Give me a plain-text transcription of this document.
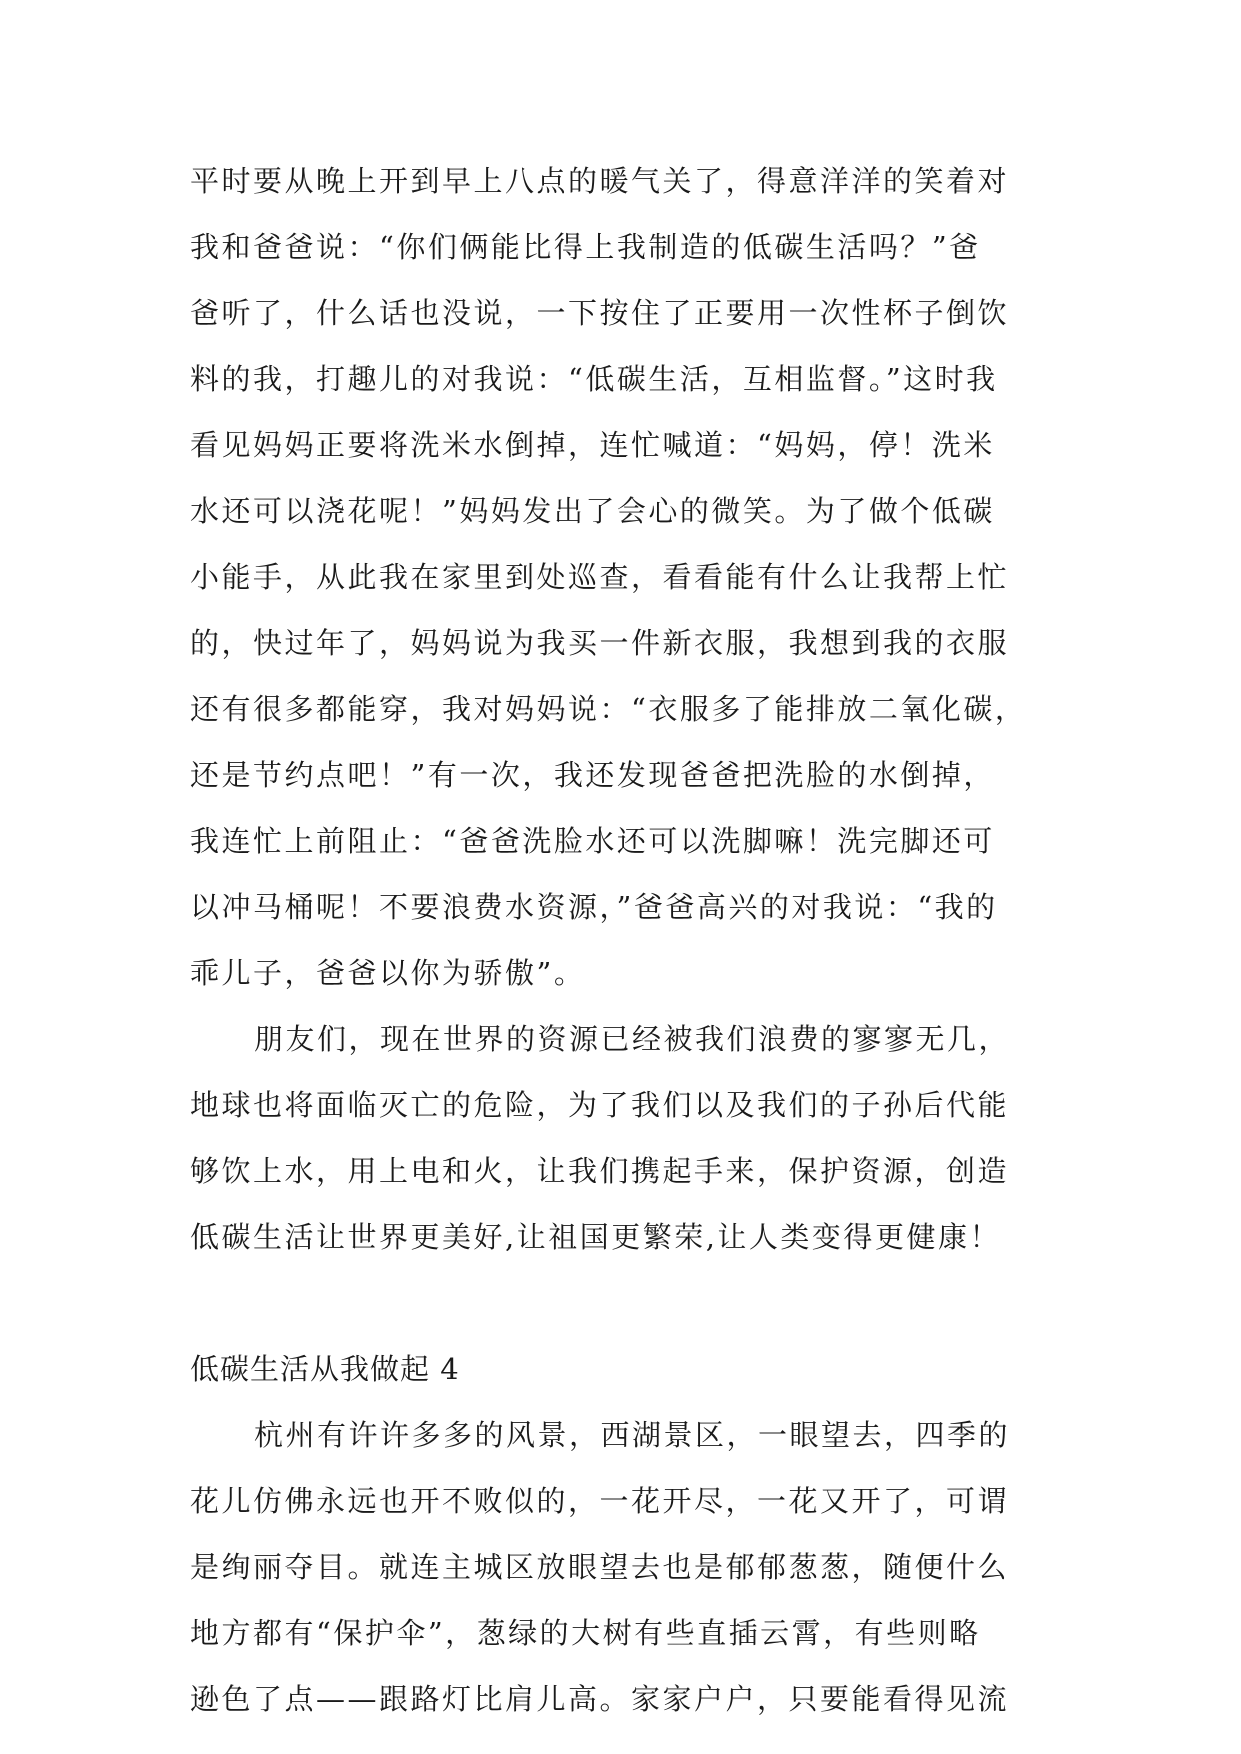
平时要从晚上开到早上八点的暖气关了，得意洋洋的笑着对
我和爸爸说：“你们俩能比得上我制造的低碳生活吗？”爸
爸听了，什么话也没说，一下按住了正要用一次性杯子倒饮
料的我，打趣儿的对我说：“低碳生活，互相监督。”这时我
看见妈妈正要将洗米水倒掉，连忙喊道：“妈妈，停！洗米
水还可以浇花呢！”妈妈发出了会心的微笑。为了做个低碳
小能手，从此我在家里到处巡查，看看能有什么让我帮上忙
的，快过年了，妈妈说为我买一件新衣服，我想到我的衣服
还有很多都能穿，我对妈妈说：“衣服多了能排放二氧化碳，
还是节约点吧！”有一次，我还发现爸爸把洗脸的水倒掉，
我连忙上前阻止：“爸爸洗脸水还可以洗脚嘛！洗完脚还可
以冲马桶呢！不要浪费水资源，”爸爸高兴的对我说：“我的
乖儿子，爸爸以你为骄傲”。
朋友们，现在世界的资源已经被我们浪费的寥寥无几，
地球也将面临灭亡的危险，为了我们以及我们的子孙后代能
够饮上水，用上电和火，让我们携起手来，保护资源，创造
低碳生活让世界更美好,让祖国更繁荣,让人类变得更健康！
低碳生活从我做起 4
杭州有许许多多的风景，西湖景区，一眼望去，四季的
花儿仿佛永远也开不败似的，一花开尽，一花又开了，可谓
是绚丽夺目。就连主城区放眼望去也是郁郁葱葱，随便什么
地方都有“保护伞”，葱绿的大树有些直插云霄，有些则略
逊色了点——跟路灯比肩儿高。家家户户，只要能看得见流
